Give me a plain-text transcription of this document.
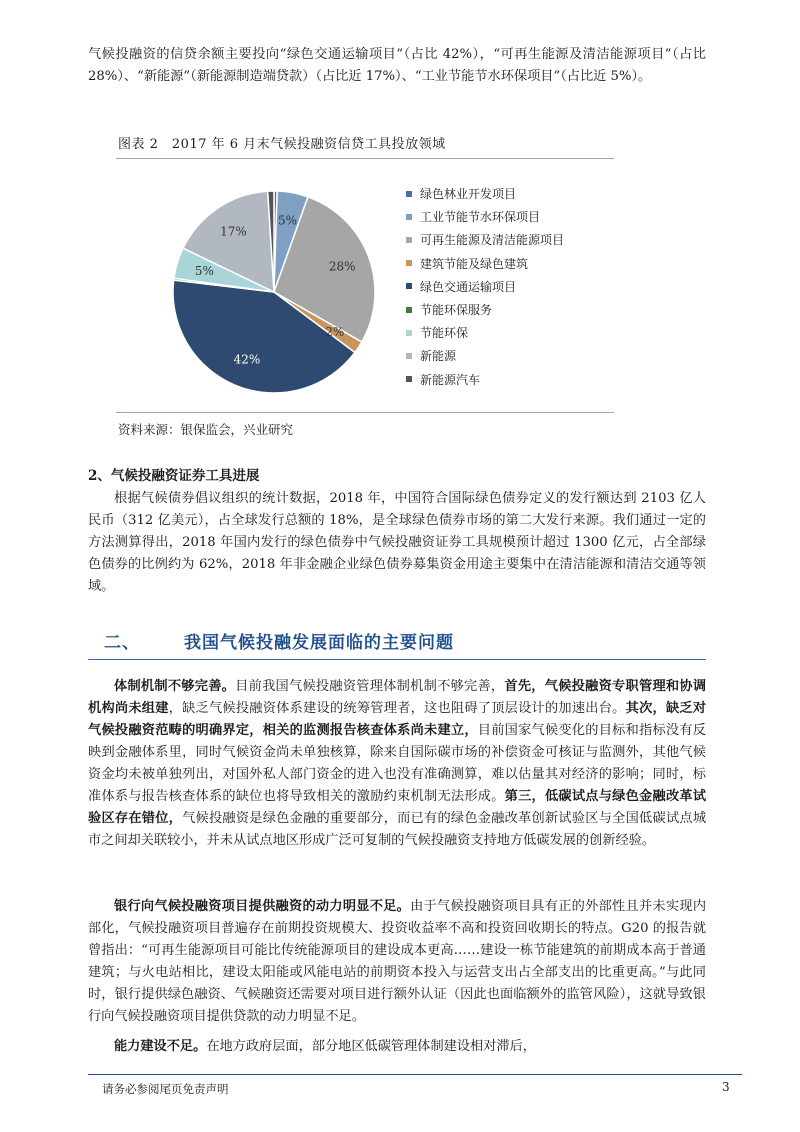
气候投融资的信贷余额主要投向“绿色交通运输项目”（占比 42%），“可再生能源及清洁能源项目”（占比 28%）、“新能源”（新能源制造端贷款）（占比近 17%）、“工业节能节水环保项目”（占比近 5%）。

图表 2　2017 年 6 月末气候投融资信贷工具投放领域
5%
28%
2%
42%
5%
17%
绿色林业开发项目
工业节能节水环保项目
可再生能源及清洁能源项目
建筑节能及绿色建筑
绿色交通运输项目
节能环保服务
节能环保
新能源
新能源汽车
资料来源：银保监会，兴业研究
2、气候投融资证券工具进展

根据气候债券倡议组织的统计数据，2018 年，中国符合国际绿色债券定义的发行额达到 2103 亿人民币（312 亿美元），占全球发行总额的 18%，是全球绿色债券市场的第二大发行来源。我们通过一定的方法测算得出，2018 年国内发行的绿色债券中气候投融资证券工具规模预计超过 1300 亿元，占全部绿色债券的比例约为 62%，2018 年非金融企业绿色债券募集资金用途主要集中在清洁能源和清洁交通等领域。

二、	我国气候投融发展面临的主要问题

体制机制不够完善。目前我国气候投融资管理体制机制不够完善，首先，气候投融资专职管理和协调机构尚未组建，缺乏气候投融资体系建设的统筹管理者，这也阻碍了顶层设计的加速出台。其次，缺乏对气候投融资范畴的明确界定，相关的监测报告核查体系尚未建立，目前国家气候变化的目标和指标没有反映到金融体系里，同时气候资金尚未单独核算，除来自国际碳市场的补偿资金可核证与监测外，其他气候资金均未被单独列出，对国外私人部门资金的进入也没有准确测算，难以估量其对经济的影响；同时，标准体系与报告核查体系的缺位也将导致相关的激励约束机制无法形成。第三，低碳试点与绿色金融改革试验区存在错位，气候投融资是绿色金融的重要部分，而已有的绿色金融改革创新试验区与全国低碳试点城市之间却关联较小，并未从试点地区形成广泛可复制的气候投融资支持地方低碳发展的创新经验。

银行向气候投融资项目提供融资的动力明显不足。由于气候投融资项目具有正的外部性且并未实现内部化，气候投融资项目普遍存在前期投资规模大、投资收益率不高和投资回收期长的特点。G20 的报告就曾指出：“可再生能源项目可能比传统能源项目的建设成本更高……建设一栋节能建筑的前期成本高于普通建筑；与火电站相比，建设太阳能或风能电站的前期资本投入与运营支出占全部支出的比重更高。”与此同时，银行提供绿色融资、气候融资还需要对项目进行额外认证（因此也面临额外的监管风险），这就导致银行向气候投融资项目提供贷款的动力明显不足。

能力建设不足。在地方政府层面，部分地区低碳管理体制建设相对滞后，

请务必参阅尾页免责声明	3
